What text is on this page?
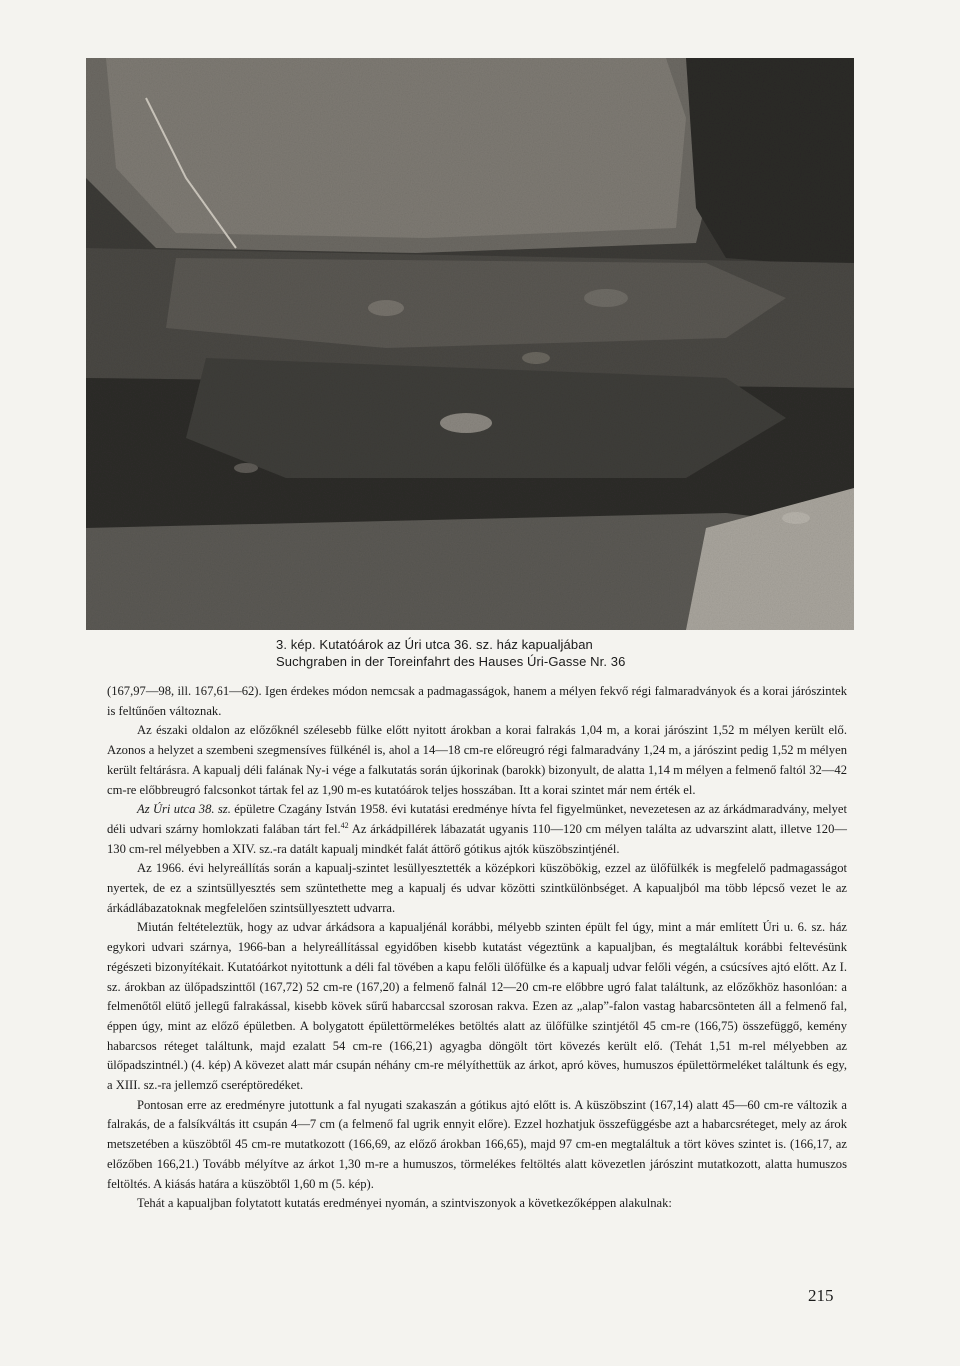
3. kép. Kutatóárok az Úri utca 36. sz. ház kapualjában
Suchgraben in der Toreinfahrt des Hauses Úri-Gasse Nr. 36

(167,97—98, ill. 167,61—62). Igen érdekes módon nemcsak a padmagasságok, hanem a mélyen fekvő régi falmaradványok és a korai járószintek is feltűnően változnak.

Az északi oldalon az előzőknél szélesebb fülke előtt nyitott árokban a korai falrakás 1,04 m, a korai járószint 1,52 m mélyen került elő. Azonos a helyzet a szembeni szegmensíves fülkénél is, ahol a 14—18 cm-re előreugró régi falmaradvány 1,24 m, a járószint pedig 1,52 m mélyen került feltárásra. A kapualj déli falának Ny-i vége a falkutatás során újkorinak (barokk) bizonyult, de alatta 1,14 m mélyen a felmenő faltól 32—42 cm-re előbbreugró falcsonkot tártak fel az 1,90 m-es kutatóárok teljes hosszában. Itt a korai szintet már nem érték el.

Az Úri utca 38. sz. épületre Czagány István 1958. évi kutatási eredménye hívta fel figyelmünket, nevezetesen az az árkádmaradvány, melyet déli udvari szárny homlokzati falában tárt fel.$^{42}$ Az árkádpillérek lábazatát ugyanis 110—120 cm mélyen találta az udvarszint alatt, illetve 120—130 cm-rel mélyebben a XIV. sz.-ra datált kapualj mindkét falát áttörő gótikus ajtók küszöbszintjénél.

Az 1966. évi helyreállítás során a kapualj-szintet lesüllyesztették a középkori küszöbökig, ezzel az ülőfülkék is megfelelő padmagasságot nyertek, de ez a szintsüllyesztés sem szüntethette meg a kapualj és udvar közötti szintkülönbséget. A kapualjból ma több lépcső vezet le az árkádlábazatoknak megfelelően szintsüllyesztett udvarra.

Miután feltételeztük, hogy az udvar árkádsora a kapualjénál korábbi, mélyebb szinten épült fel úgy, mint a már említett Úri u. 6. sz. ház egykori udvari szárnya, 1966-ban a helyreállítással egyidőben kisebb kutatást végeztünk a kapualjban, és megtaláltuk korábbi feltevésünk régészeti bizonyítékait. Kutatóárkot nyitottunk a déli fal tövében a kapu felőli ülőfülke és a kapualj udvar felőli végén, a csúcsíves ajtó előtt. Az I. sz. árokban az ülőpadszinttől (167,72) 52 cm-re (167,20) a felmenő falnál 12—20 cm-re előbbre ugró falat találtunk, az előzőkhöz hasonlóan: a felmenőtől elütő jellegű falrakással, kisebb kövek sűrű habarccsal szorosan rakva. Ezen az „alap”-falon vastag habarcsönteten áll a felmenő fal, éppen úgy, mint az előző épületben. A bolygatott épülettörmelékes betöltés alatt az ülőfülke szintjétől 45 cm-re (166,75) összefüggő, kemény habarcsos réteget találtunk, majd ezalatt 54 cm-re (166,21) agyagba döngölt tört kövezés került elő. (Tehát 1,51 m-rel mélyebben az ülőpadszintnél.) (4. kép) A kövezet alatt már csupán néhány cm-re mélyíthettük az árkot, apró köves, humuszos épülettörmeléket találtunk és egy, a XIII. sz.-ra jellemző cseréptöredéket.

Pontosan erre az eredményre jutottunk a fal nyugati szakaszán a gótikus ajtó előtt is. A küszöbszint (167,14) alatt 45—60 cm-re változik a falrakás, de a falsíkváltás itt csupán 4—7 cm (a felmenő fal ugrik ennyit előre). Ezzel hozhatjuk összefüggésbe azt a habarcsréteget, mely az árok metszetében a küszöbtől 45 cm-re mutatkozott (166,69, az előző árokban 166,65), majd 97 cm-en megtaláltuk a tört köves szintet is. (166,17, az előzőben 166,21.) Tovább mélyítve az árkot 1,30 m-re a humuszos, törmelékes feltöltés alatt kövezetlen járószint mutatkozott, alatta humuszos feltöltés. A kiásás határa a küszöbtől 1,60 m (5. kép).

Tehát a kapualjban folytatott kutatás eredményei nyomán, a szintviszonyok a következőképpen alakulnak:

215
